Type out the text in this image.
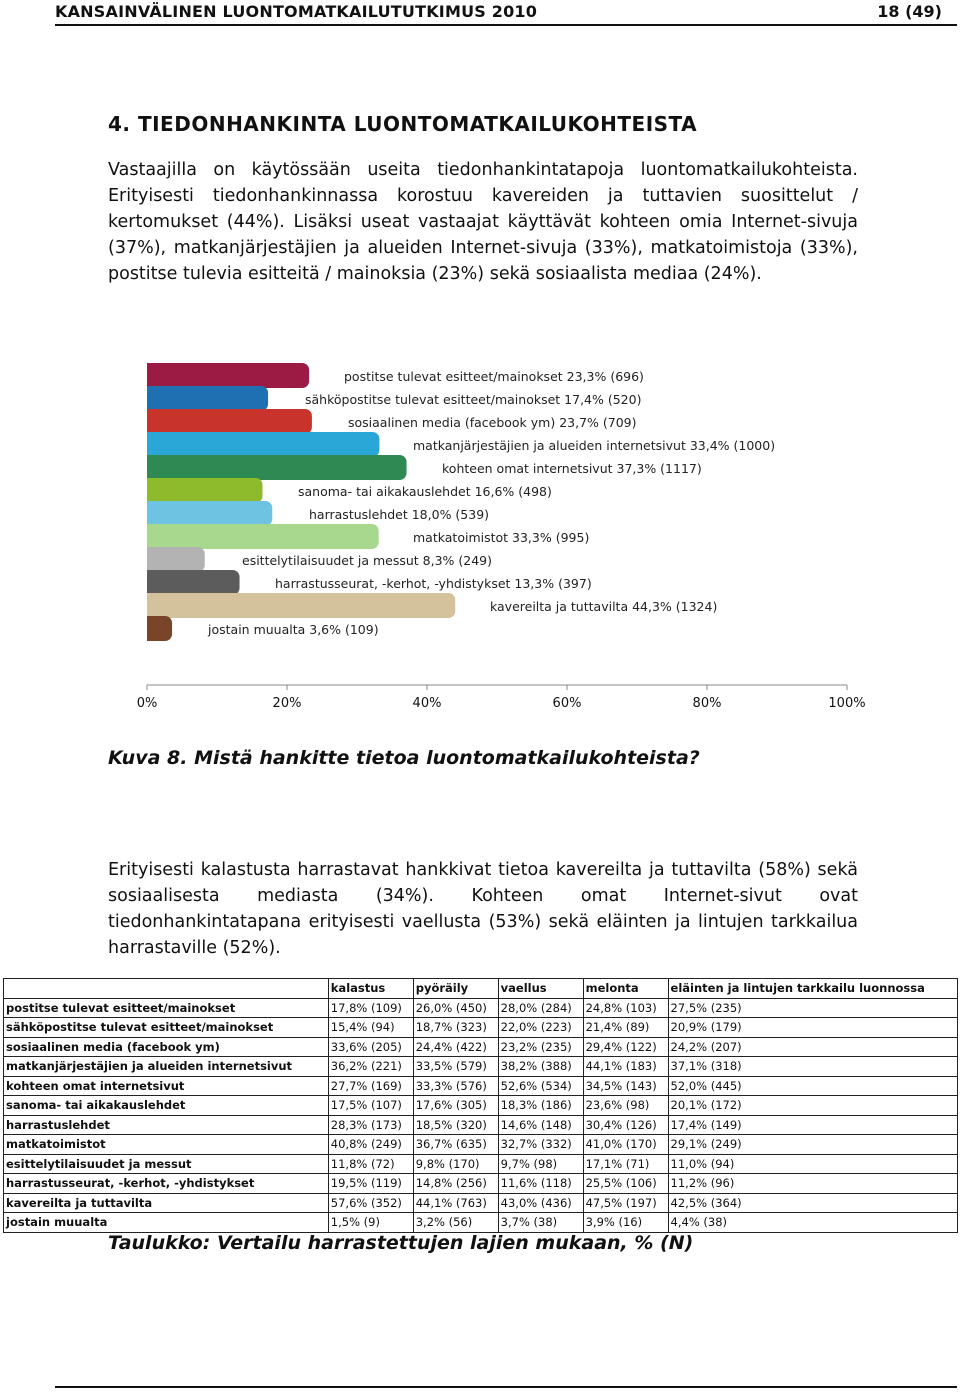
KANSAINVÄLINEN LUONTOMATKAILUTUTKIMUS 2010	18 (49)
4. TIEDONHANKINTA LUONTOMATKAILUKOHTEISTA

Vastaajilla on käytössään useita tiedonhankintatapoja luontomatkailukohteista. Erityisesti tiedonhankinnassa korostuu kavereiden ja tuttavien suosittelut / kertomukset (44%). Lisäksi useat vastaajat käyttävät kohteen omia Internet-sivuja (37%), matkanjärjestäjien ja alueiden Internet-sivuja (33%), matkatoimistoja (33%), postitse tulevia esitteitä / mainoksia (23%) sekä sosiaalista mediaa (24%).

postitse tulevat esitteet/mainokset 23,3% (696)
sähköpostitse tulevat esitteet/mainokset 17,4% (520)
sosiaalinen media (facebook ym) 23,7% (709)
matkanjärjestäjien ja alueiden internetsivut 33,4% (1000)
kohteen omat internetsivut 37,3% (1117)
sanoma- tai aikakauslehdet 16,6% (498)
harrastuslehdet 18,0% (539)
matkatoimistot 33,3% (995)
esittelytilaisuudet ja messut 8,3% (249)
harrastusseurat, -kerhot, -yhdistykset 13,3% (397)
kavereilta ja tuttavilta 44,3% (1324)
jostain muualta 3,6% (109)
0%	20%	40%	60%	80%	100%

Kuva 8. Mistä hankitte tietoa luontomatkailukohteista?

Erityisesti kalastusta harrastavat hankkivat tietoa kavereilta ja tuttavilta (58%) sekä sosiaalisesta mediasta (34%). Kohteen omat Internet-sivut ovat tiedonhankintatapana erityisesti vaellusta (53%) sekä eläinten ja lintujen tarkkailua harrastaville (52%).

	kalastus	pyöräily	vaellus	melonta	eläinten ja lintujen tarkkailu luonnossa
postitse tulevat esitteet/mainokset	17,8% (109)	26,0% (450)	28,0% (284)	24,8% (103)	27,5% (235)
sähköpostitse tulevat esitteet/mainokset	15,4% (94)	18,7% (323)	22,0% (223)	21,4% (89)	20,9% (179)
sosiaalinen media (facebook ym)	33,6% (205)	24,4% (422)	23,2% (235)	29,4% (122)	24,2% (207)
matkanjärjestäjien ja alueiden internetsivut	36,2% (221)	33,5% (579)	38,2% (388)	44,1% (183)	37,1% (318)
kohteen omat internetsivut	27,7% (169)	33,3% (576)	52,6% (534)	34,5% (143)	52,0% (445)
sanoma- tai aikakauslehdet	17,5% (107)	17,6% (305)	18,3% (186)	23,6% (98)	20,1% (172)
harrastuslehdet	28,3% (173)	18,5% (320)	14,6% (148)	30,4% (126)	17,4% (149)
matkatoimistot	40,8% (249)	36,7% (635)	32,7% (332)	41,0% (170)	29,1% (249)
esittelytilaisuudet ja messut	11,8% (72)	9,8% (170)	9,7% (98)	17,1% (71)	11,0% (94)
harrastusseurat, -kerhot, -yhdistykset	19,5% (119)	14,8% (256)	11,6% (118)	25,5% (106)	11,2% (96)
kavereilta ja tuttavilta	57,6% (352)	44,1% (763)	43,0% (436)	47,5% (197)	42,5% (364)
jostain muualta	1,5% (9)	3,2% (56)	3,7% (38)	3,9% (16)	4,4% (38)

Taulukko: Vertailu harrastettujen lajien mukaan, % (N)
